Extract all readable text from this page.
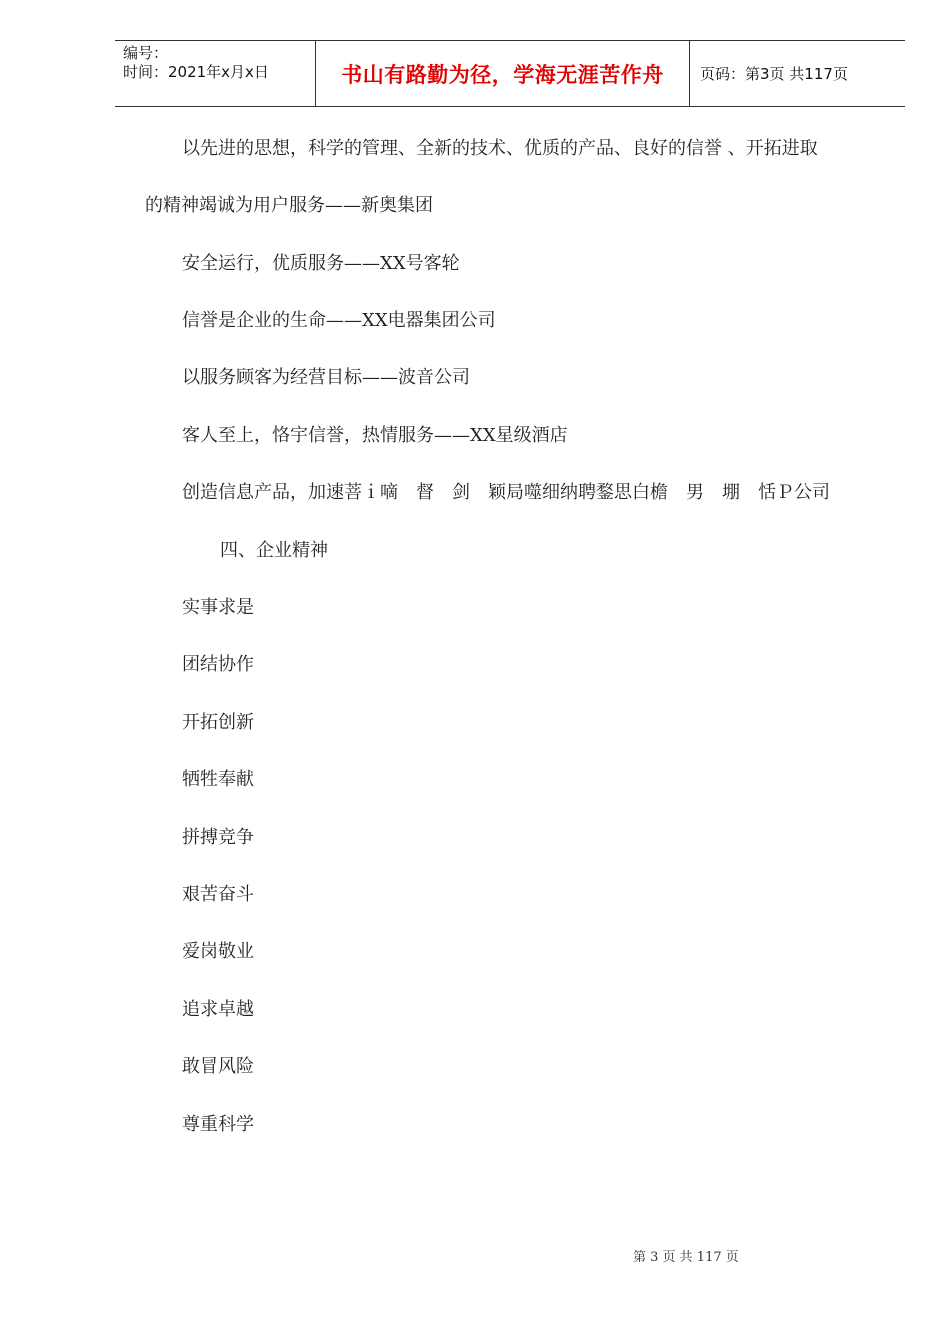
编号：
时间：2021年x月x日	书山有路勤为径，学海无涯苦作舟 页码：第3页 共117页
以先进的思想，科学的管理、全新的技术、优质的产品、良好的信誉 、开拓进取
的精神竭诚为用户服务——新奥集团
安全运行，优质服务——XX号客轮
信誉是企业的生命——XX电器集团公司
以服务顾客为经营目标——波音公司
客人至上，恪宇信誉，热情服务——XX星级酒店
创造信息产品，加速菩ｉ嘀　督　剑　颖局噬细纳聘鍪思白檐　男　堋　恬Ｐ公司
四、企业精神
实事求是
团结协作
开拓创新
牺牲奉献
拼搏竞争
艰苦奋斗
爱岗敬业
追求卓越
敢冒风险
尊重科学
第 3 页 共 117 页
